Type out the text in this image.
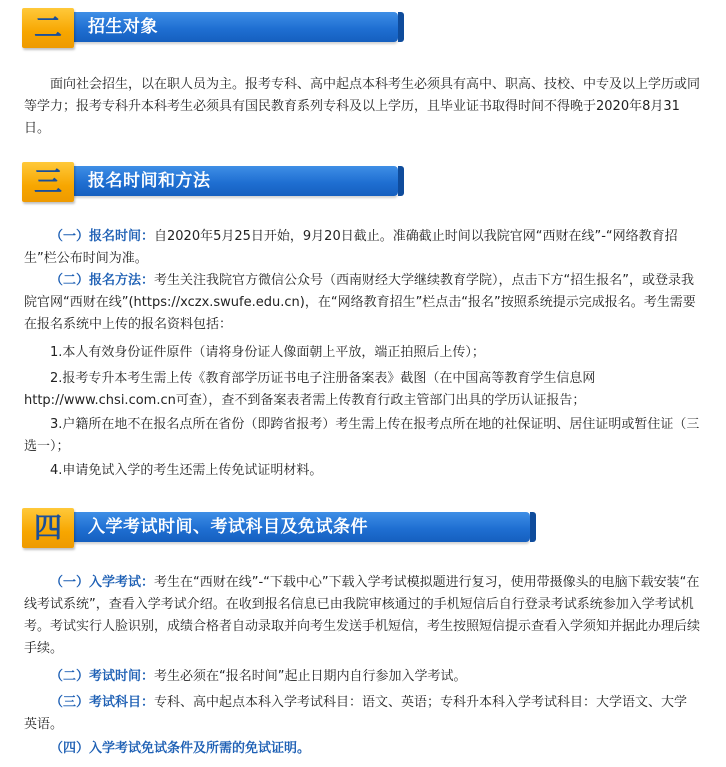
二	招生对象

面向社会招生，以在职人员为主。报考专科、高中起点本科考生必须具有高中、职高、技校、中专及以上学历或同等学力；报考专科升本科考生必须具有国民教育系列专科及以上学历，且毕业证书取得时间不得晚于2020年8月31日。

三	报名时间和方法

（一）报名时间：自2020年5月25日开始，9月20日截止。准确截止时间以我院官网“西财在线”-“网络教育招生”栏公布时间为准。

（二）报名方法：考生关注我院官方微信公众号（西南财经大学继续教育学院），点击下方“招生报名”，或登录我院官网“西财在线”(https://xczx.swufe.edu.cn)，在“网络教育招生”栏点击“报名”按照系统提示完成报名。考生需要在报名系统中上传的报名资料包括：

1.本人有效身份证件原件（请将身份证人像面朝上平放，端正拍照后上传）；

2.报考专升本考生需上传《教育部学历证书电子注册备案表》截图（在中国高等教育学生信息网http://www.chsi.com.cn可查），查不到备案表者需上传教育行政主管部门出具的学历认证报告；

3.户籍所在地不在报名点所在省份（即跨省报考）考生需上传在报考点所在地的社保证明、居住证明或暂住证（三选一）；

4.申请免试入学的考生还需上传免试证明材料。

四	入学考试时间、考试科目及免试条件

（一）入学考试：考生在“西财在线”-“下载中心”下载入学考试模拟题进行复习，使用带摄像头的电脑下载安装“在线考试系统”，查看入学考试介绍。在收到报名信息已由我院审核通过的手机短信后自行登录考试系统参加入学考试机考。考试实行人脸识别，成绩合格者自动录取并向考生发送手机短信，考生按照短信提示查看入学须知并据此办理后续手续。

（二）考试时间：考生必须在“报名时间”起止日期内自行参加入学考试。

（三）考试科目：专科、高中起点本科入学考试科目：语文、英语；专科升本科入学考试科目：大学语文、大学英语。

（四）入学考试免试条件及所需的免试证明。
